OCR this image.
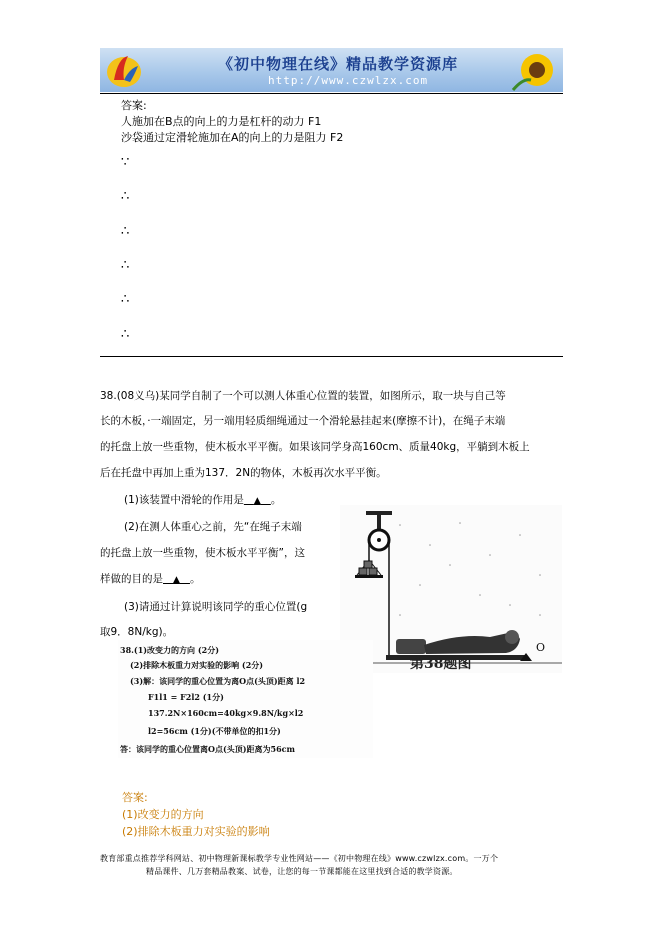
《初中物理在线》精品教学资源库
http://www.czwlzx.com
答案:
人施加在B点的向上的力是杠杆的动力 F1
沙袋通过定滑轮施加在A的向上的力是阻力 F2
∵
∴
∴
∴
∴
∴
38.(08义乌)某同学自制了一个可以测人体重心位置的装置，如图所示，取一块与自己等
长的木板，·一端固定，另一端用轻质细绳通过一个滑轮悬挂起来(摩擦不计)，在绳子末端
的托盘上放一些重物，使木板水平平衡。如果该同学身高160cm、质量40kg，平躺到木板上
后在托盘中再加上重为137．2N的物体，木板再次水平平衡。
(1)该装置中滑轮的作用是 ▲ 。
(2)在测人体重心之前，先“在绳子末端
的托盘上放一些重物，使木板水平平衡”，这
样做的目的是 ▲ 。
(3)请通过计算说明该同学的重心位置(g
取9．8N/kg)。
O
第38题图
38.(1)改变力的方向 (2分)
(2)排除木板重力对实验的影响 (2分)
(3)解：该同学的重心位置为离O点(头顶)距离 l2
F1l1 = F2l2 (1分)
137.2N×160cm=40kg×9.8N/kg×l2
l2=56cm (1分)(不带单位的扣1分)
答：该同学的重心位置离O点(头顶)距离为56cm
答案:
(1)改变力的方向
(2)排除木板重力对实验的影响
教育部重点推荐学科网站、初中物理新课标教学专业性网站——《初中物理在线》www.czwlzx.com。一万个
精品课件、几万套精品教案、试卷，让您的每一节课都能在这里找到合适的教学资源。
